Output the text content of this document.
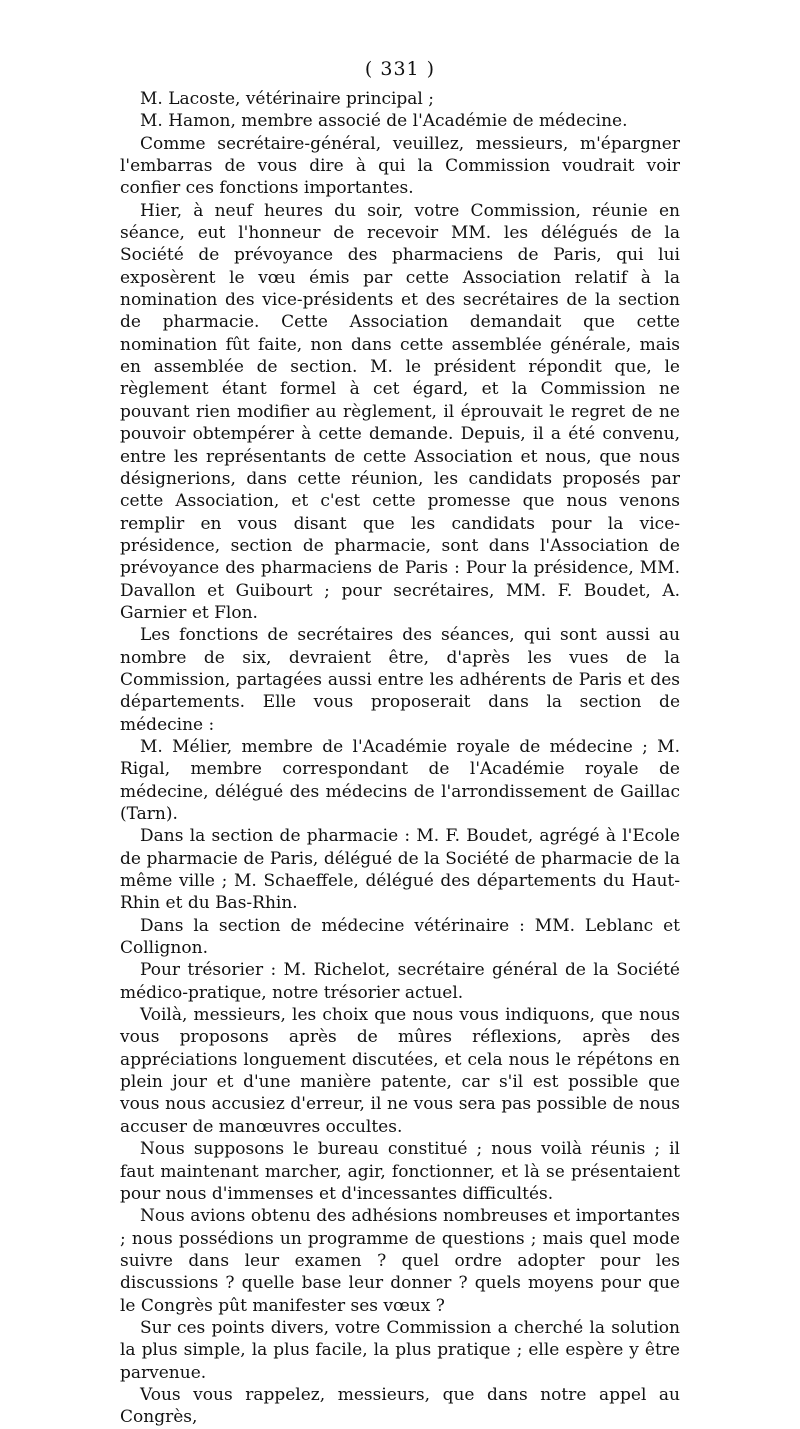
( 331 )

M. Lacoste, vétérinaire principal ;

M. Hamon, membre associé de l'Académie de médecine.

Comme secrétaire-général, veuillez, messieurs, m'épargner l'embarras de vous dire à qui la Commission voudrait voir confier ces fonctions importantes.

Hier, à neuf heures du soir, votre Commission, réunie en séance, eut l'honneur de recevoir MM. les délégués de la Société de prévoyance des pharmaciens de Paris, qui lui exposèrent le vœu émis par cette Association relatif à la nomination des vice-présidents et des secrétaires de la section de pharmacie. Cette Association demandait que cette nomination fût faite, non dans cette assemblée générale, mais en assemblée de section. M. le président répondit que, le règlement étant formel à cet égard, et la Commission ne pouvant rien modifier au règlement, il éprouvait le regret de ne pouvoir obtempérer à cette demande. Depuis, il a été convenu, entre les représentants de cette Association et nous, que nous désignerions, dans cette réunion, les candidats proposés par cette Association, et c'est cette promesse que nous venons remplir en vous disant que les candidats pour la vice-présidence, section de pharmacie, sont dans l'Association de prévoyance des pharmaciens de Paris : Pour la présidence, MM. Davallon et Guibourt ; pour secrétaires, MM. F. Boudet, A. Garnier et Flon.

Les fonctions de secrétaires des séances, qui sont aussi au nombre de six, devraient être, d'après les vues de la Commission, partagées aussi entre les adhérents de Paris et des départements. Elle vous proposerait dans la section de médecine :

M. Mélier, membre de l'Académie royale de médecine ; M. Rigal, membre correspondant de l'Académie royale de médecine, délégué des médecins de l'arrondissement de Gaillac (Tarn).

Dans la section de pharmacie : M. F. Boudet, agrégé à l'Ecole de pharmacie de Paris, délégué de la Société de pharmacie de la même ville ; M. Schaeffele, délégué des départements du Haut-Rhin et du Bas-Rhin.

Dans la section de médecine vétérinaire : MM. Leblanc et Collignon.

Pour trésorier : M. Richelot, secrétaire général de la Société médico-pratique, notre trésorier actuel.

Voilà, messieurs, les choix que nous vous indiquons, que nous vous proposons après de mûres réflexions, après des appréciations longuement discutées, et cela nous le répétons en plein jour et d'une manière patente, car s'il est possible que vous nous accusiez d'erreur, il ne vous sera pas possible de nous accuser de manœuvres occultes.

Nous supposons le bureau constitué ; nous voilà réunis ; il faut maintenant marcher, agir, fonctionner, et là se présentaient pour nous d'immenses et d'incessantes difficultés.

Nous avions obtenu des adhésions nombreuses et importantes ; nous possédions un programme de questions ; mais quel mode suivre dans leur examen ? quel ordre adopter pour les discussions ? quelle base leur donner ? quels moyens pour que le Congrès pût manifester ses vœux ?

Sur ces points divers, votre Commission a cherché la solution la plus simple, la plus facile, la plus pratique ; elle espère y être parvenue.

Vous vous rappelez, messieurs, que dans notre appel au Congrès,
